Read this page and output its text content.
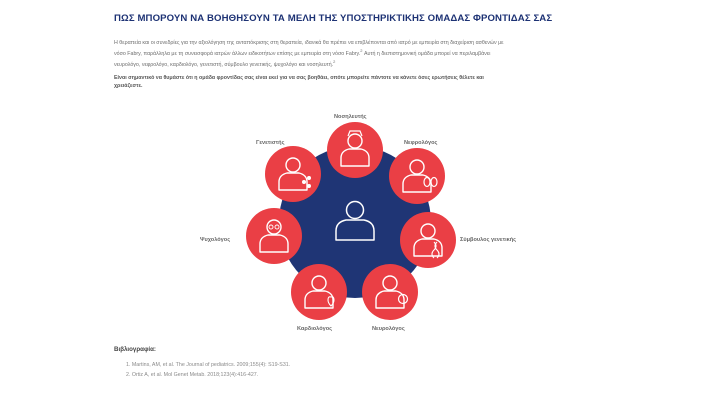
ΠΩΣ ΜΠΟΡΟΥΝ ΝΑ ΒΟΗΘΗΣΟΥΝ ΤΑ ΜΕΛΗ ΤΗΣ ΥΠΟΣΤΗΡΙΚΤΙΚΗΣ ΟΜΑΔΑΣ ΦΡΟΝΤΙΔΑΣ ΣΑΣ
Η θεραπεία και οι συνεδρίες για την αξιολόγηση της ανταπόκρισης στη θεραπεία, ιδανικά θα πρέπει να επιβλέπονται από ιατρό με εμπειρία στη διαχείριση ασθενών με
νόσο Fabry, παράλληλα με τη συνεισφορά ιατρών άλλων ειδικοτήτων επίσης με εμπειρία στη νόσο Fabry.$^2$ Αυτή η διεπιστημονική ομάδα μπορεί να περιλαμβάνει
νευρολόγο, νεφρολόγο, καρδιολόγο, γενετιστή, σύμβουλο γενετικής, ψυχολόγο και νοσηλευτή.$^2$
Είναι σημαντικό να θυμάστε ότι η ομάδα φροντίδας σας είναι εκεί για να σας βοηθάει, οπότε μπορείτε πάντοτε να κάνετε όσες ερωτήσεις θέλετε και
χρειάζεστε.
Νοσηλευτής
Νεφρολόγος
Σύμβουλος γενετικής
Νευρολόγος
Καρδιολόγος
Ψυχολόγος
Γενετιστής
Βιβλιογραφία:
1. Martins, AM, et al. The Journal of pediatrics. 2009;155(4): S19-S31.
2. Ortiz A, et al. Mol Genet Metab. 2018;123(4):416-427.
